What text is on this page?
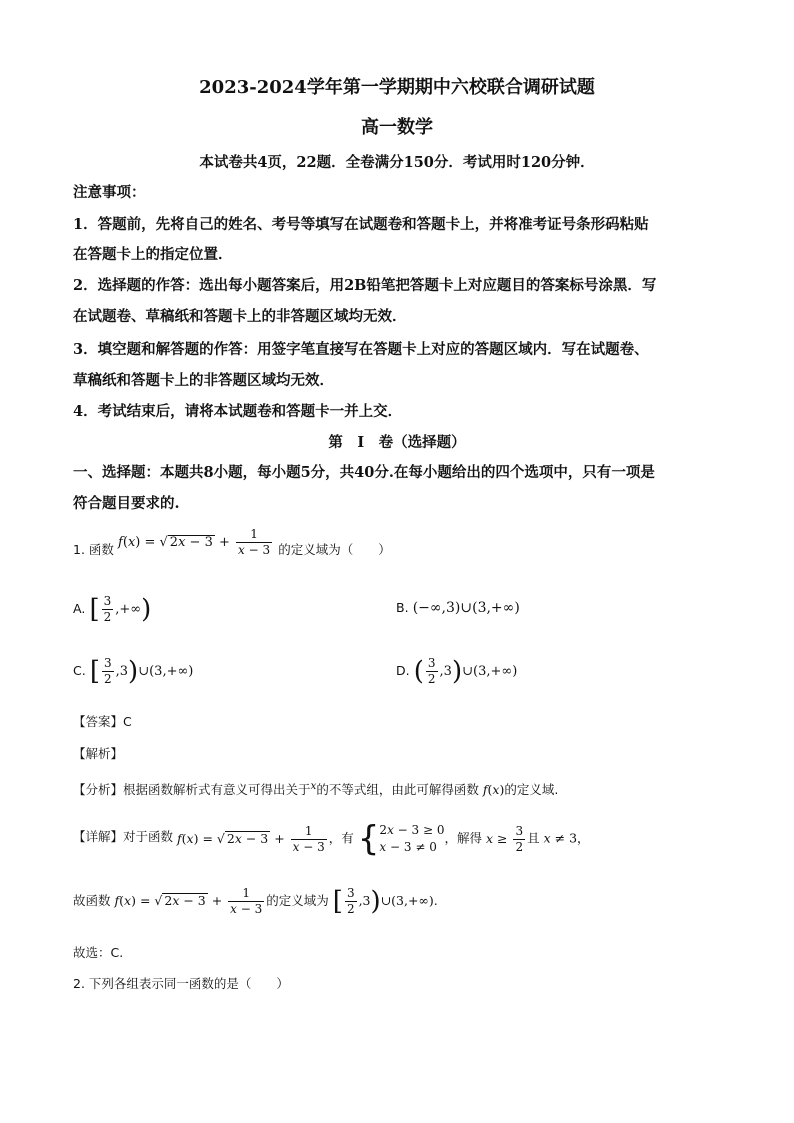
2023-2024学年第一学期期中六校联合调研试题
高一数学
本试卷共4页，22题．全卷满分150分．考试用时120分钟．
注意事项：
1．答题前，先将自己的姓名、考号等填写在试题卷和答题卡上，并将准考证号条形码粘贴
在答题卡上的指定位置．
2．选择题的作答：选出每小题答案后，用2B铅笔把答题卡上对应题目的答案标号涂黑．写
在试题卷、草稿纸和答题卡上的非答题区域均无效．
3．填空题和解答题的作答：用签字笔直接写在答题卡上对应的答题区域内．写在试题卷、
草稿纸和答题卡上的非答题区域均无效．
4．考试结束后，请将本试题卷和答题卡一并上交．
第　I　卷（选择题）
一、选择题：本题共8小题，每小题5分，共40分.在每小题给出的四个选项中，只有一项是
符合题目要求的.
1. 函数 f(x) = √ $2x - 3 + \frac{1}{x - 3}$ 的定义域为（　　）
A. [ $\frac{3}{2}$ ,+∞)	B. (−∞,3)∪(3,+∞)
C. [ $\frac{3}{2}$ ,3)∪(3,+∞)	D. ( $\frac{3}{2}$ ,3)∪(3,+∞)
【答案】C
【解析】
【分析】根据函数解析式有意义可得出关于$^x$的不等式组，由此可解得函数 f(x)的定义域.
【详解】对于函数 f(x) = √ $2x - 3 + \frac{1}{x - 3}$ ，有 { 2x − 3 ≥ 0
x − 3 ≠ 0
，解得 $x \ge \frac{3}{2}$ 且 x ≠ 3，
故函数 f(x) = √ $2x - 3 + \frac{1}{x - 3}$ 的定义域为 [ $\frac{3}{2}$ ,3)∪(3,+∞).
故选：C.
2. 下列各组表示同一函数的是（　　）
